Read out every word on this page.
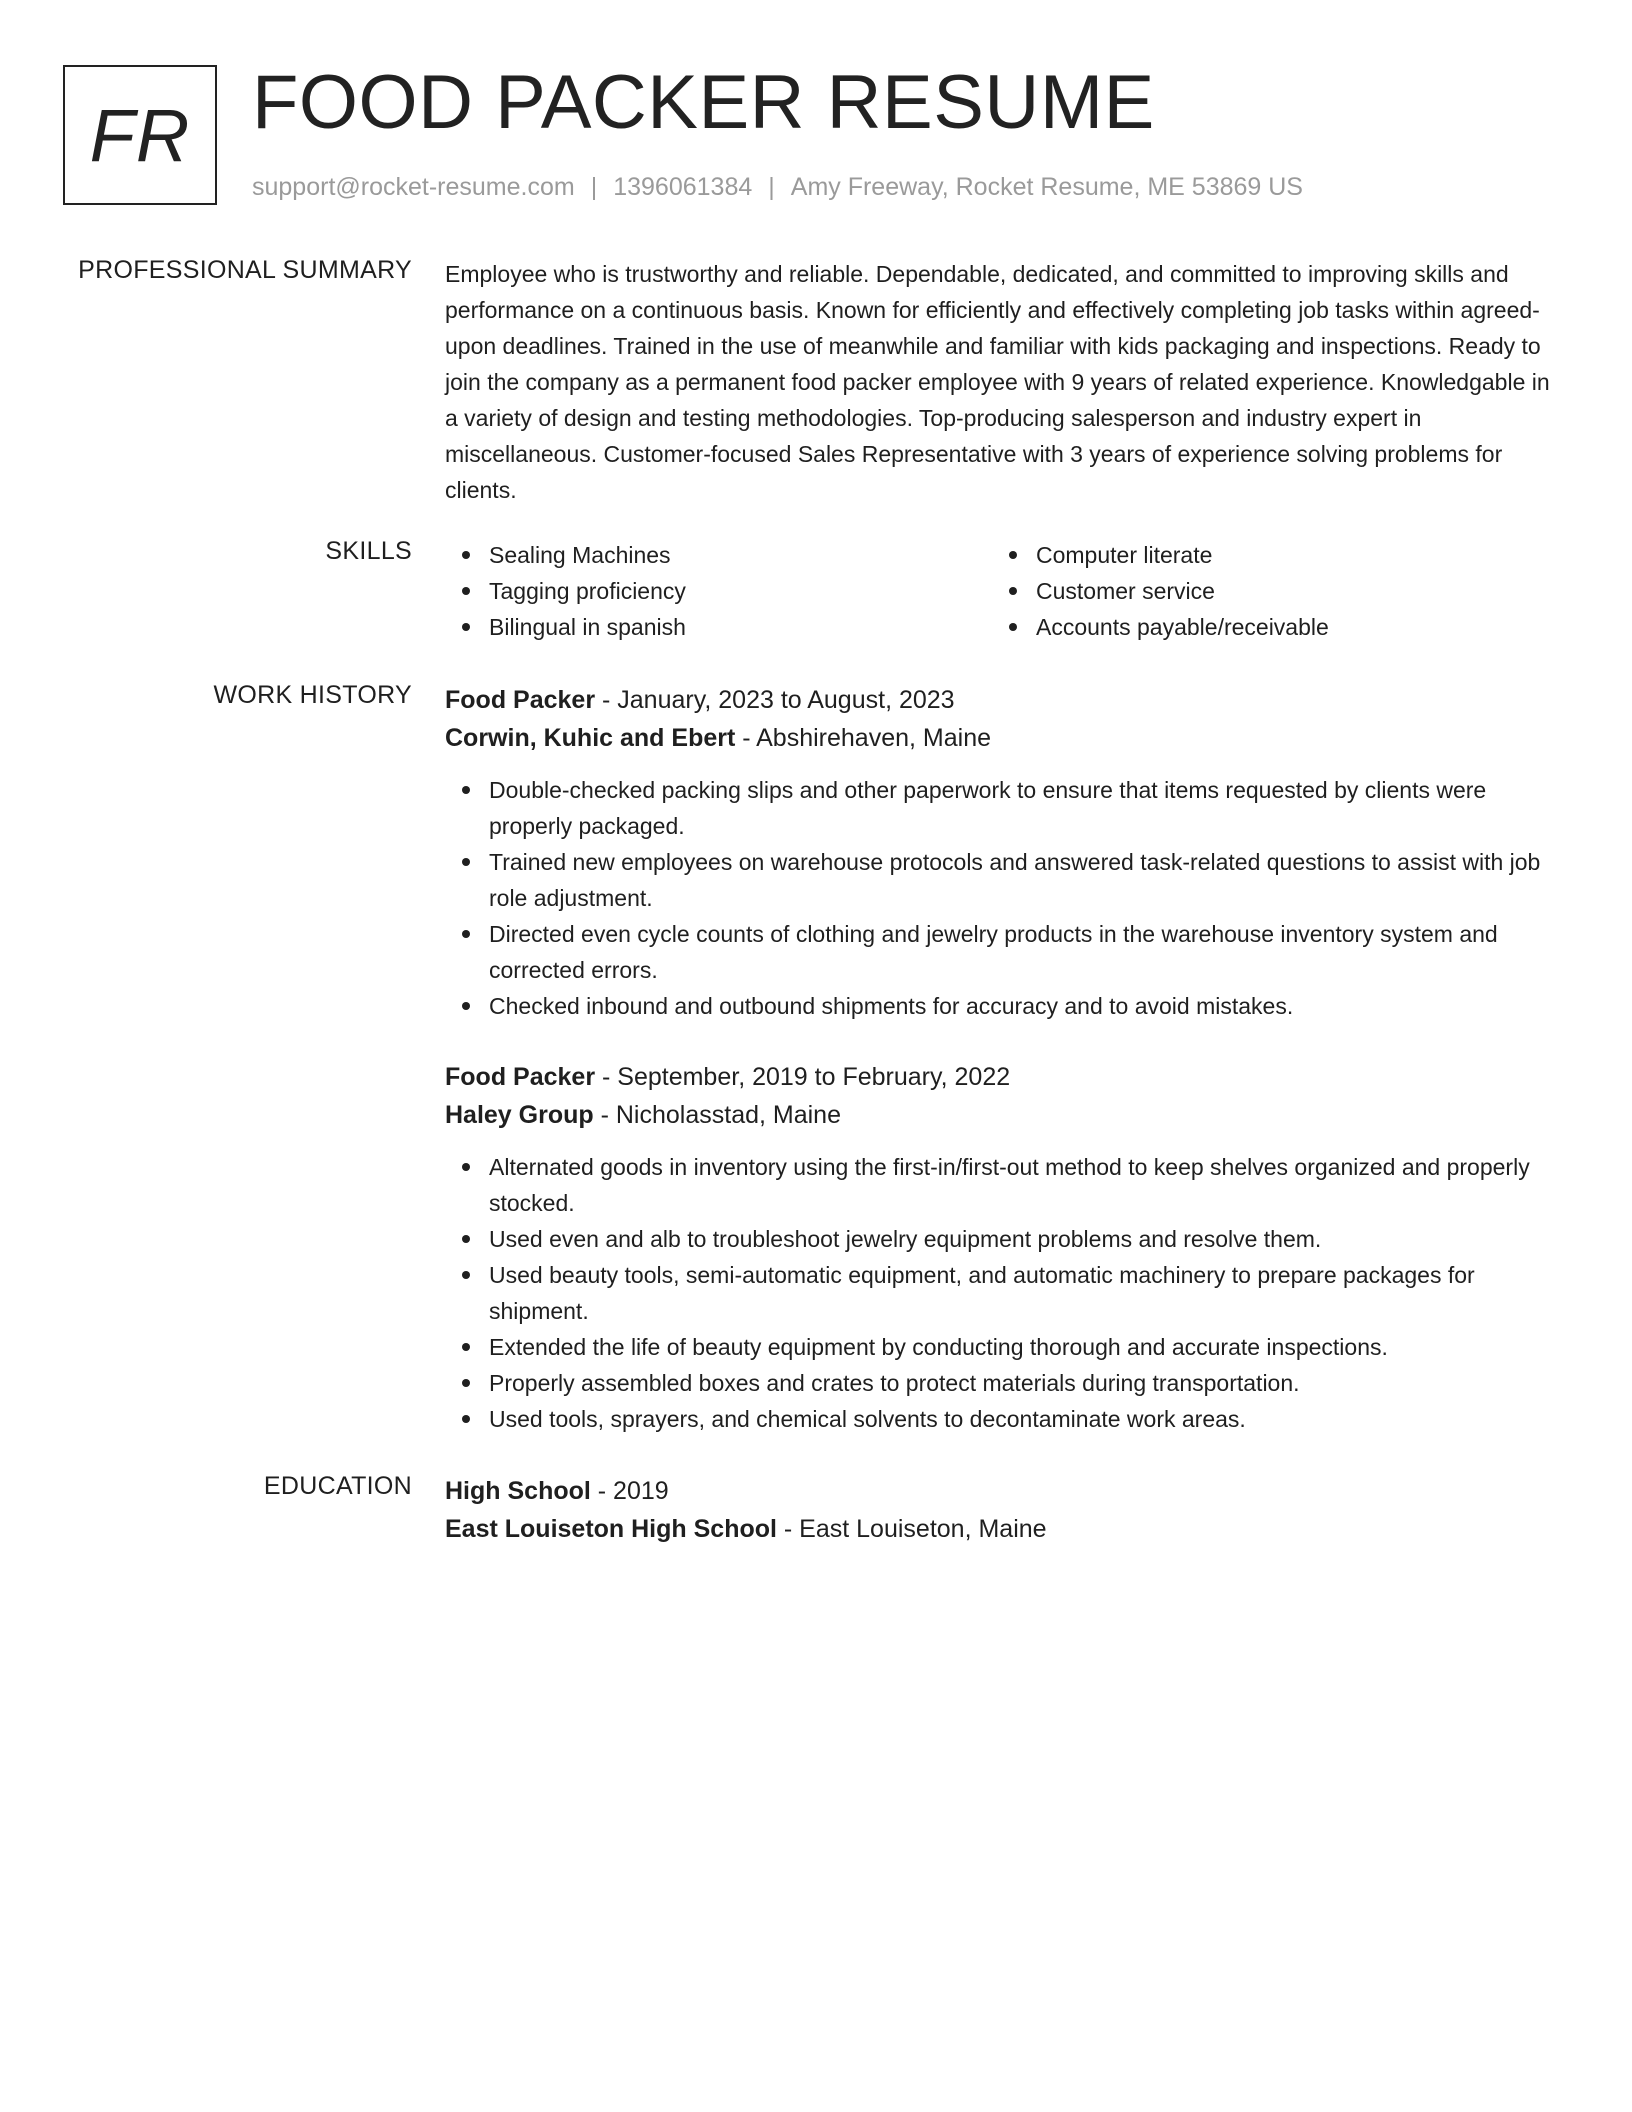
FR FOOD PACKER RESUME
support@rocket-resume.com | 1396061384 | Amy Freeway, Rocket Resume, ME 53869 US
PROFESSIONAL SUMMARY Employee who is trustworthy and reliable. Dependable, dedicated, and committed to improving skills and performance on a continuous basis. Known for efficiently and effectively completing job tasks within agreed-upon deadlines. Trained in the use of meanwhile and familiar with kids packaging and inspections. Ready to join the company as a permanent food packer employee with 9 years of related experience. Knowledgable in a variety of design and testing methodologies. Top-producing salesperson and industry expert in miscellaneous. Customer-focused Sales Representative with 3 years of experience solving problems for clients.

SKILLS	Sealing Machines
Tagging proficiency
Bilingual in spanish
Computer literate
Customer service
Accounts payable/receivable
WORK HISTORY Food Packer - January, 2023 to August, 2023
Corwin, Kuhic and Ebert - Abshirehaven, Maine
Double-checked packing slips and other paperwork to ensure that items requested by clients were properly packaged.
Trained new employees on warehouse protocols and answered task-related questions to assist with job role adjustment.
Directed even cycle counts of clothing and jewelry products in the warehouse inventory system and corrected errors.
Checked inbound and outbound shipments for accuracy and to avoid mistakes.
Food Packer - September, 2019 to February, 2022
Haley Group - Nicholasstad, Maine
Alternated goods in inventory using the first-in/first-out method to keep shelves organized and properly stocked.
Used even and alb to troubleshoot jewelry equipment problems and resolve them.
Used beauty tools, semi-automatic equipment, and automatic machinery to prepare packages for shipment.
Extended the life of beauty equipment by conducting thorough and accurate inspections.
Properly assembled boxes and crates to protect materials during transportation.
Used tools, sprayers, and chemical solvents to decontaminate work areas.
EDUCATION High School - 2019
East Louiseton High School - East Louiseton, Maine
